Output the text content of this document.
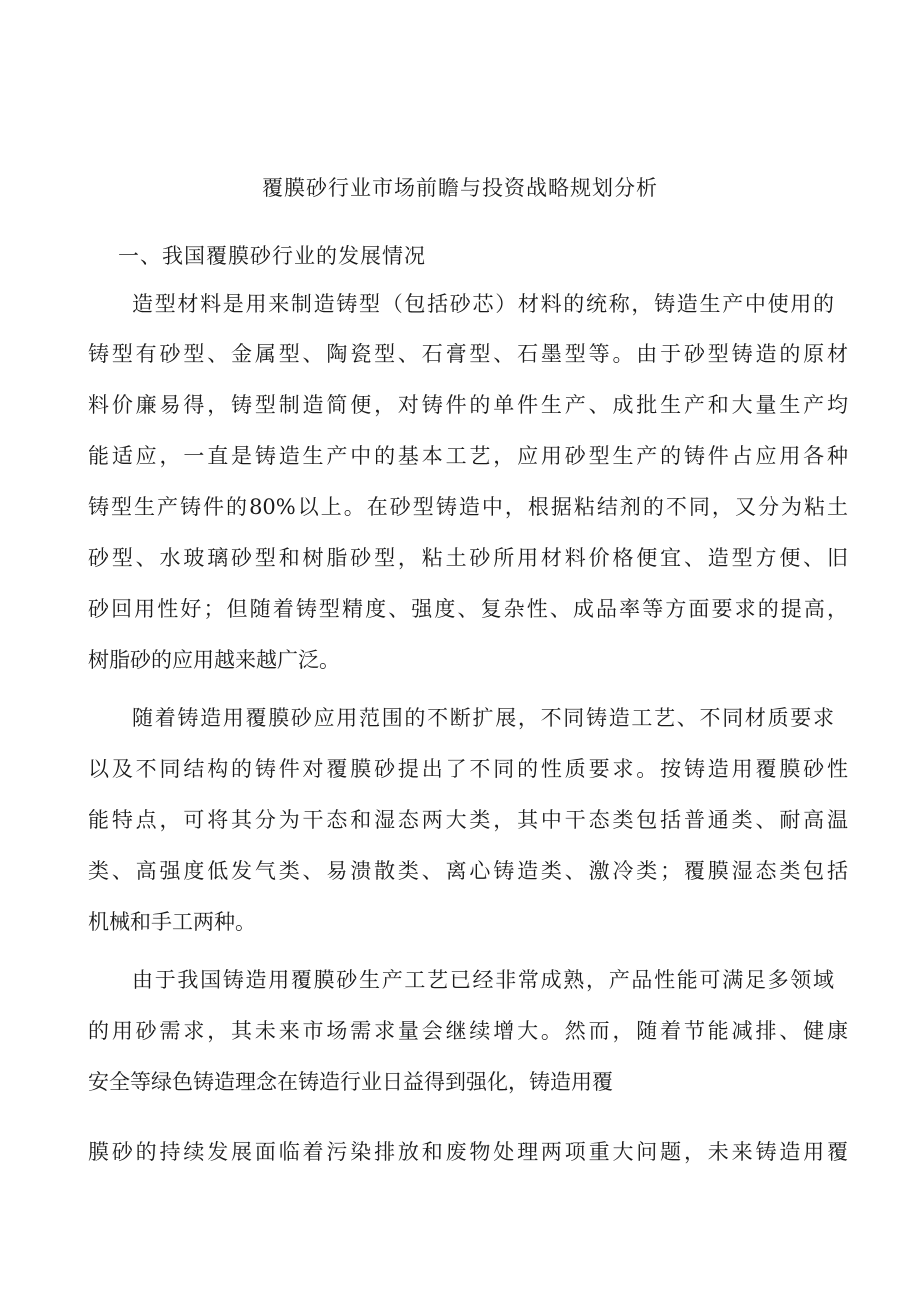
覆膜砂行业市场前瞻与投资战略规划分析
一、我国覆膜砂行业的发展情况
造型材料是用来制造铸型（包括砂芯）材料的统称，铸造生产中使用的
铸型有砂型、金属型、陶瓷型、石膏型、石墨型等。由于砂型铸造的原材
料价廉易得，铸型制造简便，对铸件的单件生产、成批生产和大量生产均
能适应，一直是铸造生产中的基本工艺，应用砂型生产的铸件占应用各种
铸型生产铸件的80%以上。在砂型铸造中，根据粘结剂的不同，又分为粘土
砂型、水玻璃砂型和树脂砂型，粘土砂所用材料价格便宜、造型方便、旧
砂回用性好；但随着铸型精度、强度、复杂性、成品率等方面要求的提高，
树脂砂的应用越来越广泛。
随着铸造用覆膜砂应用范围的不断扩展，不同铸造工艺、不同材质要求
以及不同结构的铸件对覆膜砂提出了不同的性质要求。按铸造用覆膜砂性
能特点，可将其分为干态和湿态两大类，其中干态类包括普通类、耐高温
类、高强度低发气类、易溃散类、离心铸造类、激冷类；覆膜湿态类包括
机械和手工两种。
由于我国铸造用覆膜砂生产工艺已经非常成熟，产品性能可满足多领域
的用砂需求，其未来市场需求量会继续增大。然而，随着节能减排、健康
安全等绿色铸造理念在铸造行业日益得到强化，铸造用覆
膜砂的持续发展面临着污染排放和废物处理两项重大问题，未来铸造用覆
